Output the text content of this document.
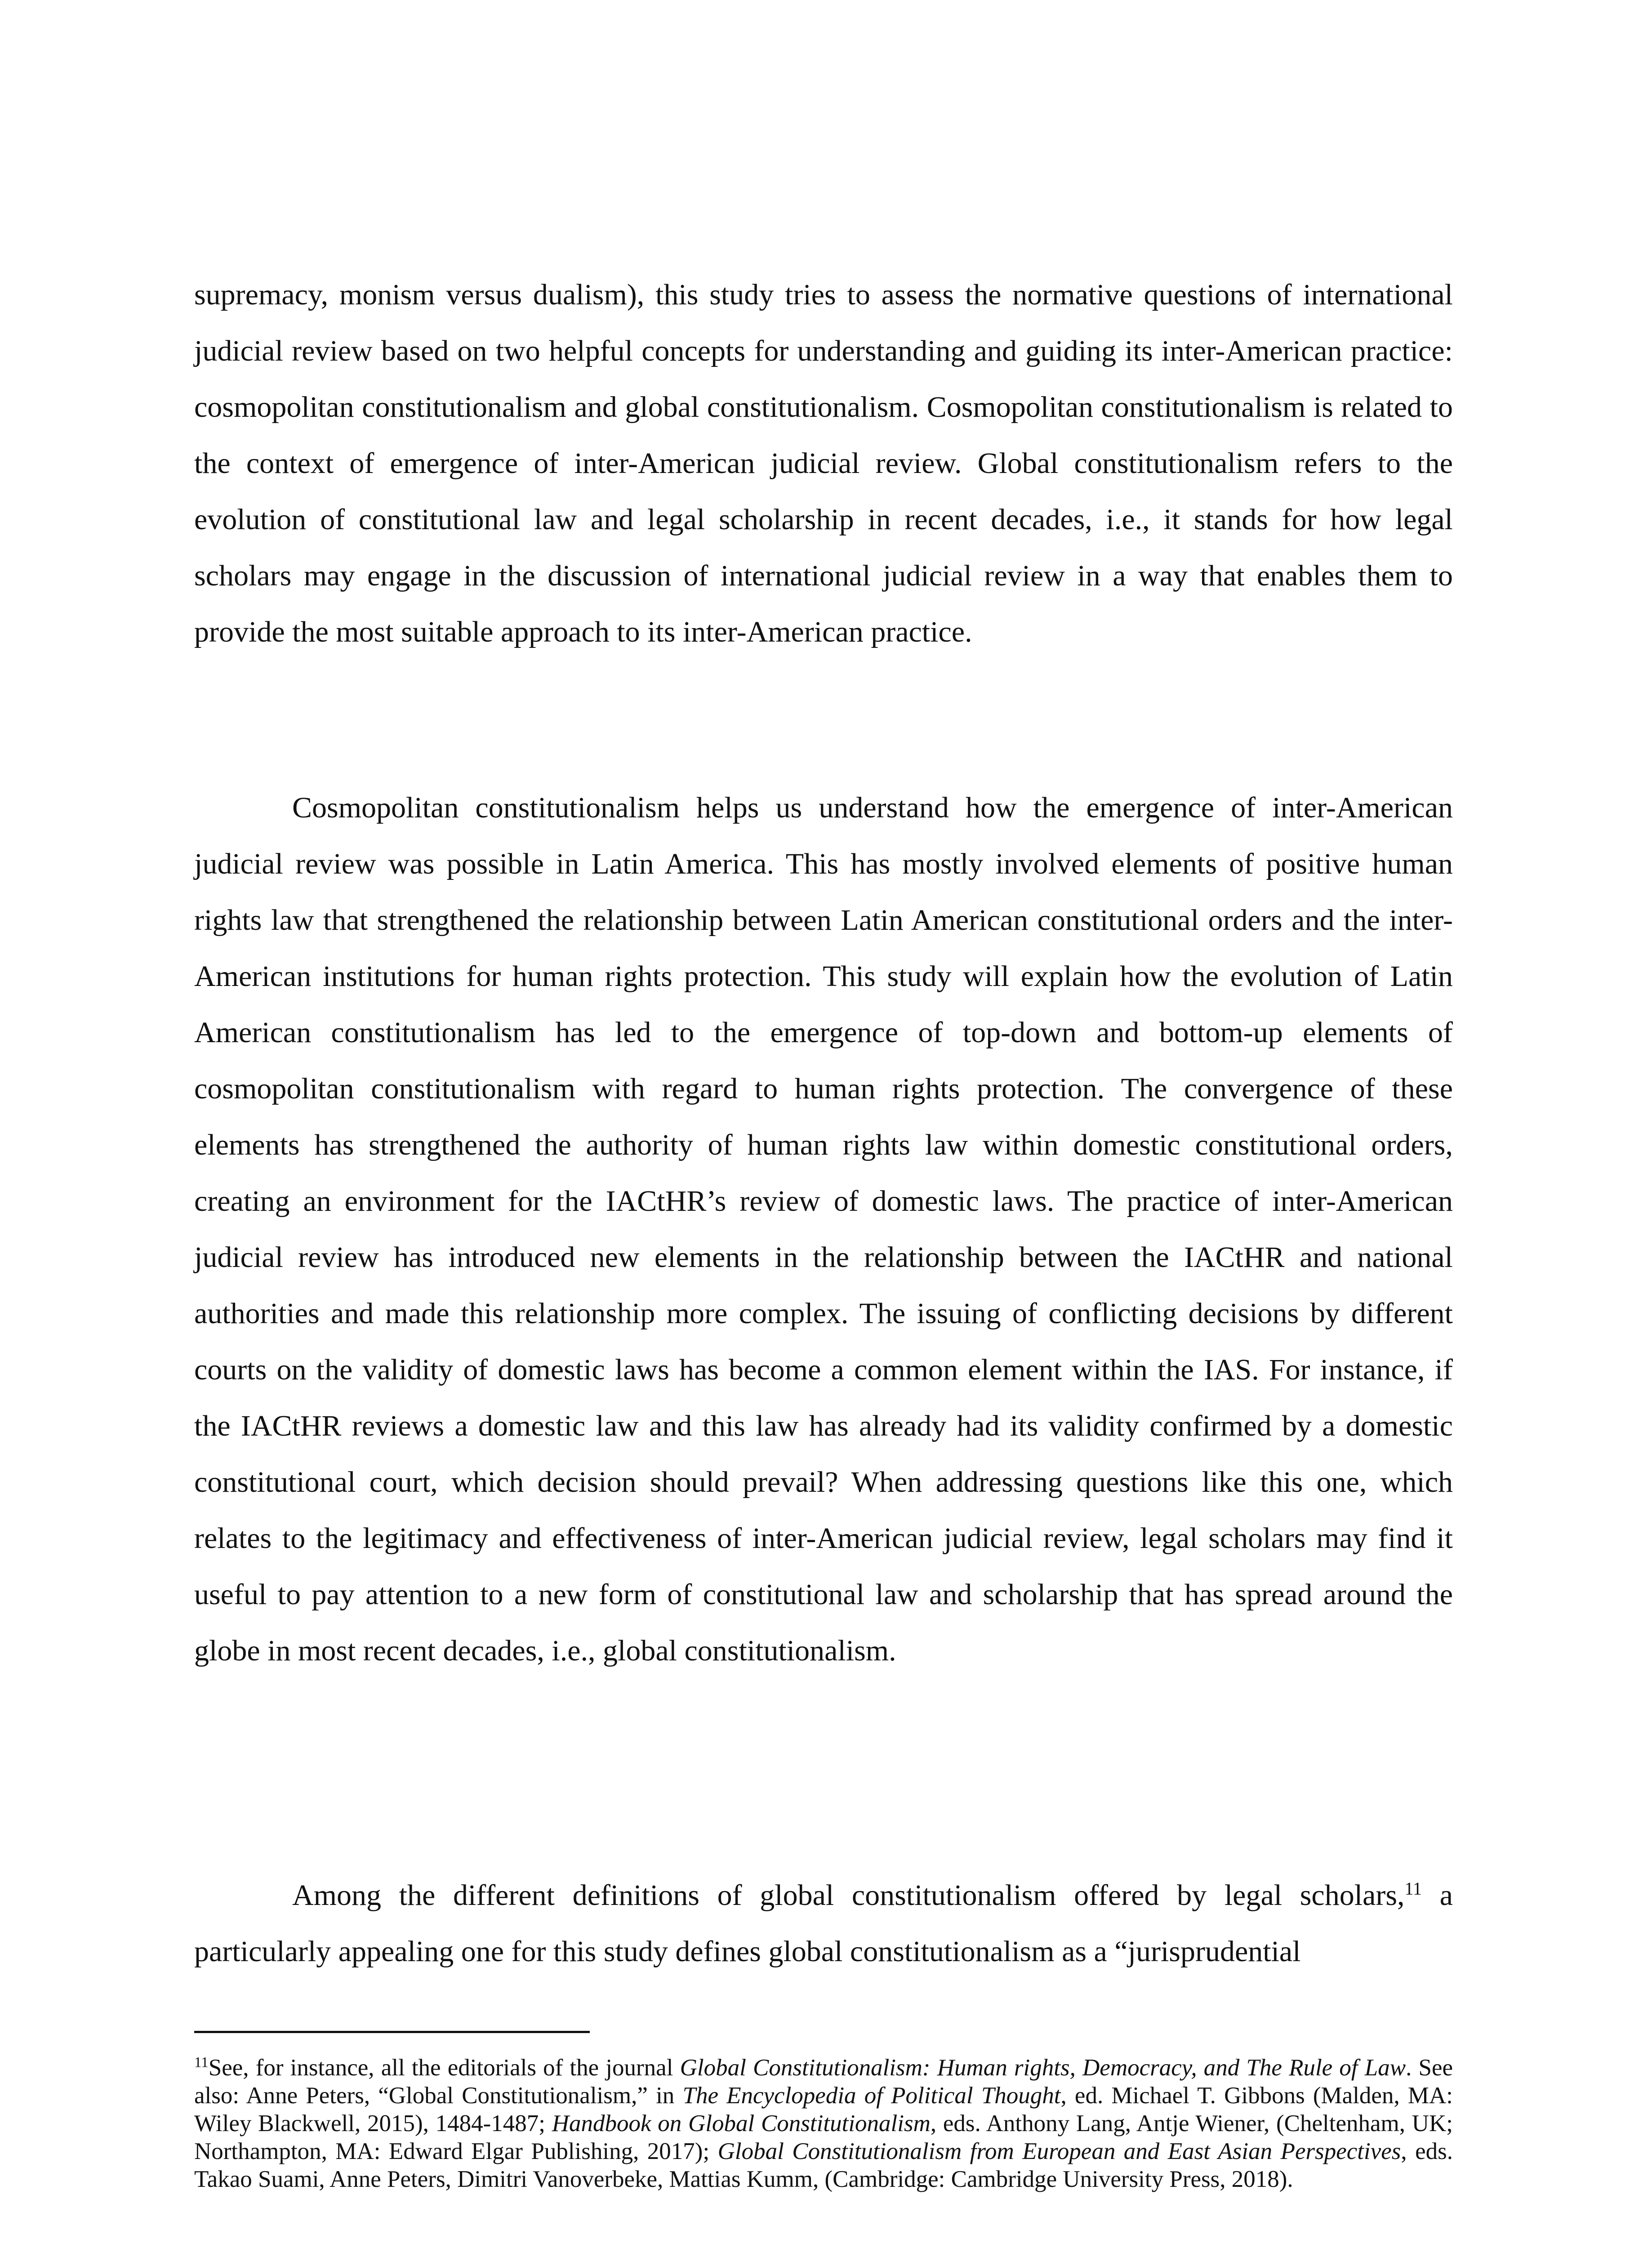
supremacy, monism versus dualism), this study tries to assess the normative questions of international judicial review based on two helpful concepts for understanding and guiding its inter-American practice: cosmopolitan constitutionalism and global constitutionalism. Cosmopolitan constitutionalism is related to the context of emergence of inter-American judicial review. Global constitutionalism refers to the evolution of constitutional law and legal scholarship in recent decades, i.e., it stands for how legal scholars may engage in the discussion of international judicial review in a way that enables them to provide the most suitable approach to its inter-American practice.

Cosmopolitan constitutionalism helps us understand how the emergence of inter-American judicial review was possible in Latin America. This has mostly involved elements of positive human rights law that strengthened the relationship between Latin American constitutional orders and the inter-American institutions for human rights protection. This study will explain how the evolution of Latin American constitutionalism has led to the emergence of top-down and bottom-up elements of cosmopolitan constitutionalism with regard to human rights protection. The convergence of these elements has strengthened the authority of human rights law within domestic constitutional orders, creating an environment for the IACtHR’s review of domestic laws. The practice of inter-American judicial review has introduced new elements in the relationship between the IACtHR and national authorities and made this relationship more complex. The issuing of conflicting decisions by different courts on the validity of domestic laws has become a common element within the IAS. For instance, if the IACtHR reviews a domestic law and this law has already had its validity confirmed by a domestic constitutional court, which decision should prevail? When addressing questions like this one, which relates to the legitimacy and effectiveness of inter-American judicial review, legal scholars may find it useful to pay attention to a new form of constitutional law and scholarship that has spread around the globe in most recent decades, i.e., global constitutionalism.

Among the different definitions of global constitutionalism offered by legal scholars,$^{11}$ a particularly appealing one for this study defines global constitutionalism as a “jurisprudential

$^{11}$See, for instance, all the editorials of the journal Global Constitutionalism: Human rights, Democracy, and The Rule of Law. See also: Anne Peters, “Global Constitutionalism,” in The Encyclopedia of Political Thought, ed. Michael T. Gibbons (Malden, MA: Wiley Blackwell, 2015), 1484-1487; Handbook on Global Constitutionalism, eds. Anthony Lang, Antje Wiener, (Cheltenham, UK; Northampton, MA: Edward Elgar Publishing, 2017); Global Constitutionalism from European and East Asian Perspectives, eds. Takao Suami, Anne Peters, Dimitri Vanoverbeke, Mattias Kumm, (Cambridge: Cambridge University Press, 2018).
